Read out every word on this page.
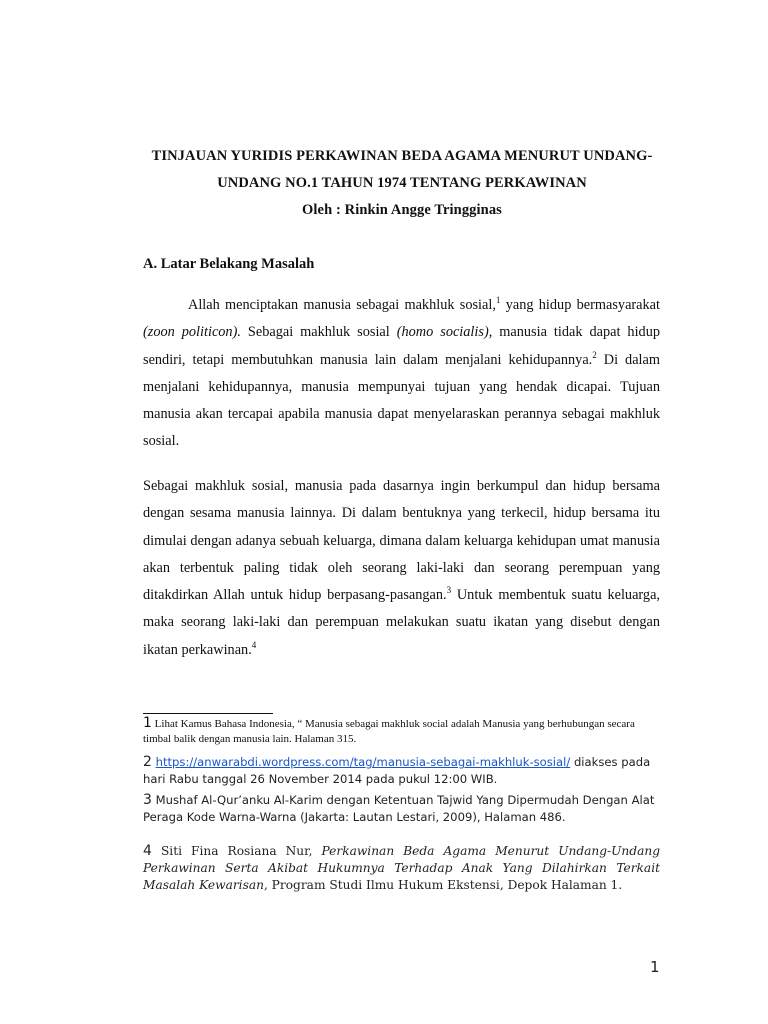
TINJAUAN YURIDIS PERKAWINAN BEDA AGAMA MENURUT UNDANG-
UNDANG NO.1 TAHUN 1974 TENTANG PERKAWINAN
Oleh : Rinkin Angge Tringginas
A. Latar Belakang Masalah

Allah menciptakan manusia sebagai makhluk sosial,$^1$ yang hidup bermasyarakat (zoon politicon). Sebagai makhluk sosial (homo socialis), manusia tidak dapat hidup sendiri, tetapi membutuhkan manusia lain dalam menjalani kehidupannya.$^2$ Di dalam menjalani kehidupannya, manusia mempunyai tujuan yang hendak dicapai. Tujuan manusia akan tercapai apabila manusia dapat menyelaraskan perannya sebagai makhluk sosial.

Sebagai makhluk sosial, manusia pada dasarnya ingin berkumpul dan hidup bersama dengan sesama manusia lainnya. Di dalam bentuknya yang terkecil, hidup bersama itu dimulai dengan adanya sebuah keluarga, dimana dalam keluarga kehidupan umat manusia akan terbentuk paling tidak oleh seorang laki-laki dan seorang perempuan yang ditakdirkan Allah untuk hidup berpasang-pasangan.$^3$ Untuk membentuk suatu keluarga, maka seorang laki-laki dan perempuan melakukan suatu ikatan yang disebut dengan ikatan perkawinan.$^4$

1 Lihat Kamus Bahasa Indonesia, “ Manusia sebagai makhluk social adalah Manusia yang berhubungan secara timbal balik dengan manusia lain. Halaman 315.

2 https://anwarabdi.wordpress.com/tag/manusia-sebagai-makhluk-sosial/ diakses pada hari Rabu tanggal 26 November 2014 pada pukul 12:00 WIB.

3 Mushaf Al-Qur’anku Al-Karim dengan Ketentuan Tajwid Yang Dipermudah Dengan Alat Peraga Kode Warna-Warna (Jakarta: Lautan Lestari, 2009), Halaman 486.

4 Siti Fina Rosiana Nur, Perkawinan Beda Agama Menurut Undang-Undang Perkawinan Serta Akibat Hukumnya Terhadap Anak Yang Dilahirkan Terkait Masalah Kewarisan, Program Studi Ilmu Hukum Ekstensi, Depok Halaman 1.

1
